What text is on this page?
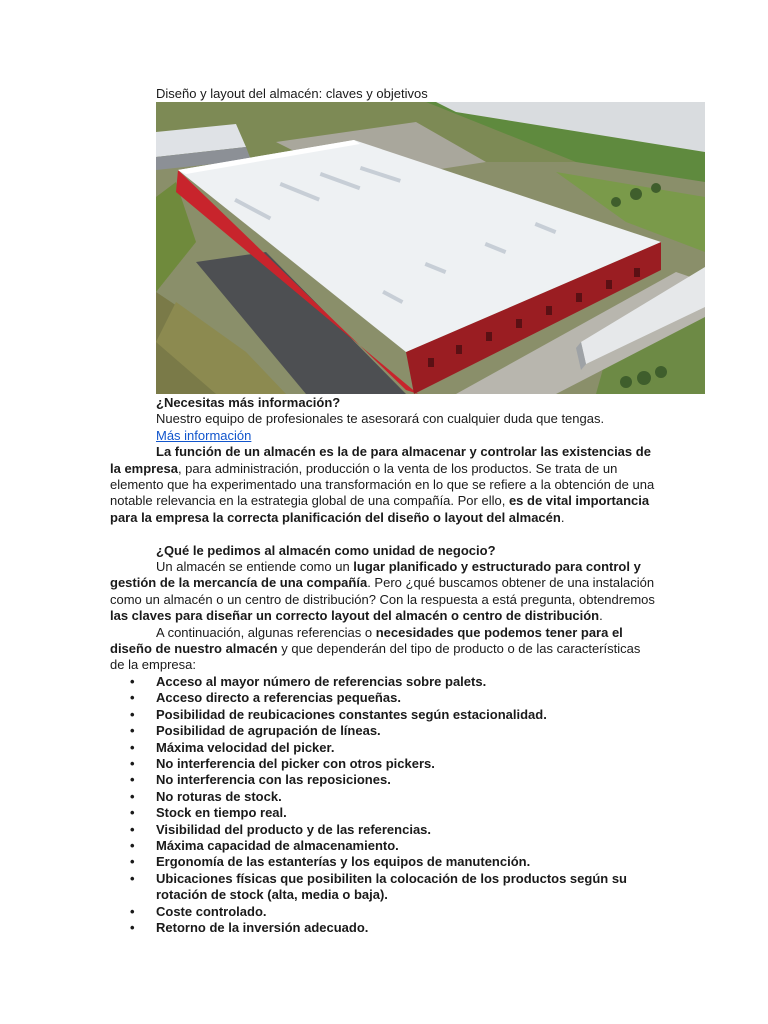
Diseño y layout del almacén: claves y objetivos

¿Necesitas más información?

Nuestro equipo de profesionales te asesorará con cualquier duda que tengas.

Más información

La función de un almacén es la de para almacenar y controlar las existencias de la empresa, para administración, producción o la venta de los productos. Se trata de un elemento que ha experimentado una transformación en lo que se refiere a la obtención de una notable relevancia en la estrategia global de una compañía. Por ello, es de vital importancia para la empresa la correcta planificación del diseño o layout del almacén.

¿Qué le pedimos al almacén como unidad de negocio?

Un almacén se entiende como un lugar planificado y estructurado para control y gestión de la mercancía de una compañía. Pero ¿qué buscamos obtener de una instalación como un almacén o un centro de distribución? Con la respuesta a está pregunta, obtendremos las claves para diseñar un correcto layout del almacén o centro de distribución.

A continuación, algunas referencias o necesidades que podemos tener para el diseño de nuestro almacén y que dependerán del tipo de producto o de las características de la empresa:

• Acceso al mayor número de referencias sobre palets.
• Acceso directo a referencias pequeñas.
• Posibilidad de reubicaciones constantes según estacionalidad.
• Posibilidad de agrupación de líneas.
• Máxima velocidad del picker.
• No interferencia del picker con otros pickers.
• No interferencia con las reposiciones.
• No roturas de stock.
• Stock en tiempo real.
• Visibilidad del producto y de las referencias.
• Máxima capacidad de almacenamiento.
• Ergonomía de las estanterías y los equipos de manutención.
• Ubicaciones físicas que posibiliten la colocación de los productos según su rotación de stock (alta, media o baja).
• Coste controlado.
• Retorno de la inversión adecuado.
